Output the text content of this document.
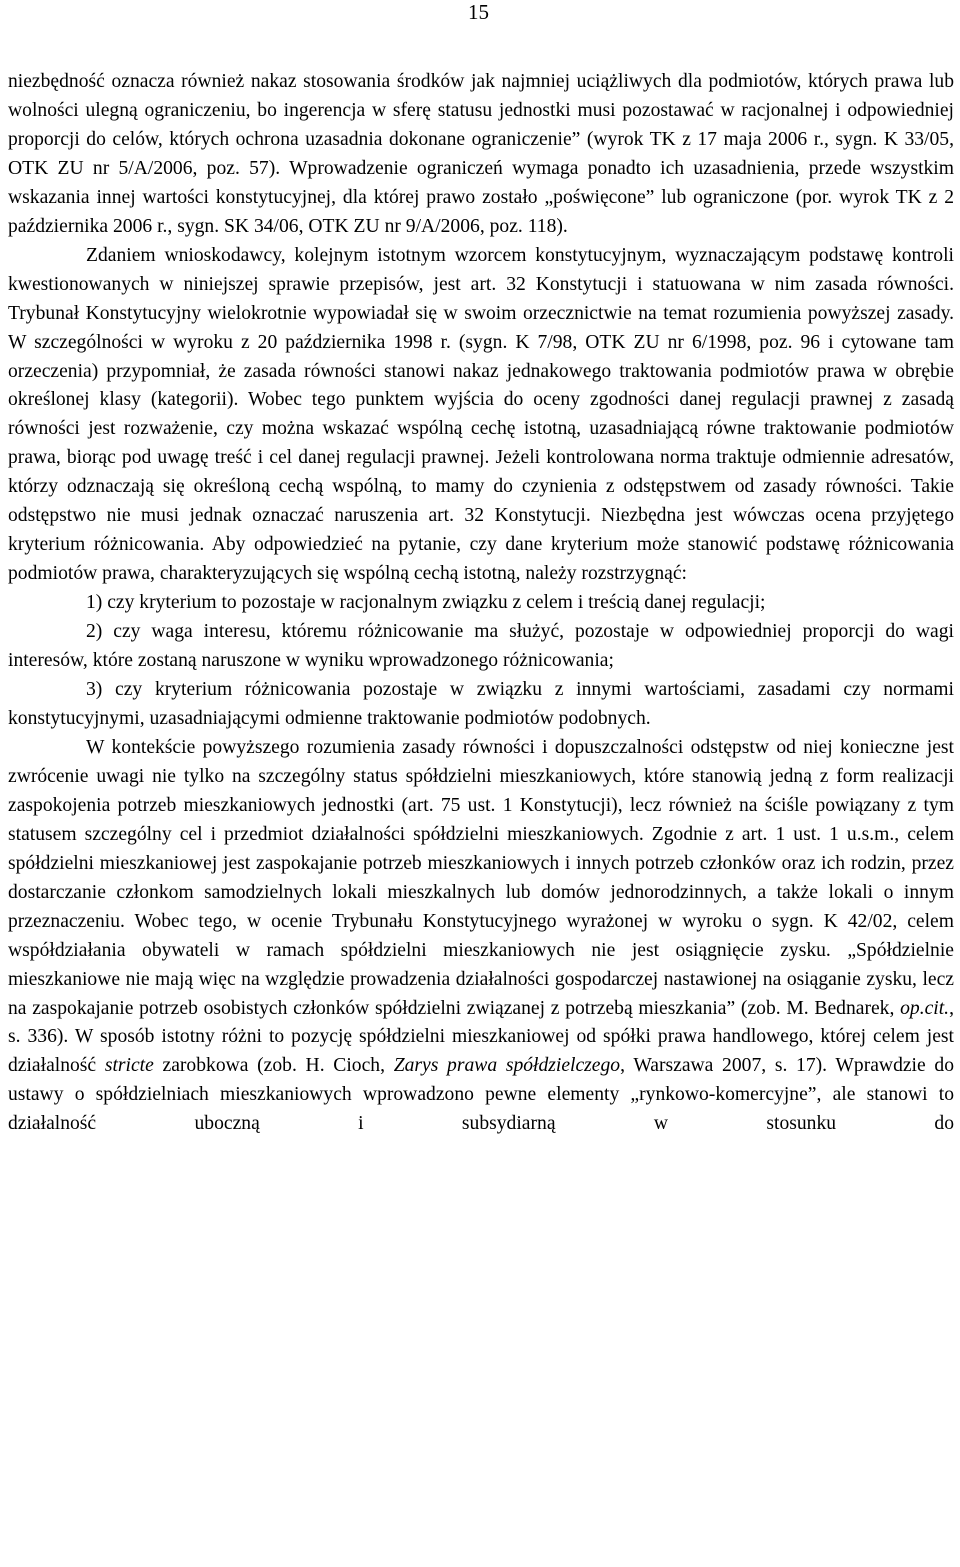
15

niezbędność oznacza również nakaz stosowania środków jak najmniej uciążliwych dla podmiotów, których prawa lub wolności ulegną ograniczeniu, bo ingerencja w sferę statusu jednostki musi pozostawać w racjonalnej i odpowiedniej proporcji do celów, których ochrona uzasadnia dokonane ograniczenie” (wyrok TK z 17 maja 2006 r., sygn. K 33/05, OTK ZU nr 5/A/2006, poz. 57). Wprowadzenie ograniczeń wymaga ponadto ich uzasadnienia, przede wszystkim wskazania innej wartości konstytucyjnej, dla której prawo zostało „poświęcone” lub ograniczone (por. wyrok TK z 2 października 2006 r., sygn. SK 34/06, OTK ZU nr 9/A/2006, poz. 118).

Zdaniem wnioskodawcy, kolejnym istotnym wzorcem konstytucyjnym, wyznaczającym podstawę kontroli kwestionowanych w niniejszej sprawie przepisów, jest art. 32 Konstytucji i statuowana w nim zasada równości. Trybunał Konstytucyjny wielokrotnie wypowiadał się w swoim orzecznictwie na temat rozumienia powyższej zasady. W szczególności w wyroku z 20 października 1998 r. (sygn. K 7/98, OTK ZU nr 6/1998, poz. 96 i cytowane tam orzeczenia) przypomniał, że zasada równości stanowi nakaz jednakowego traktowania podmiotów prawa w obrębie określonej klasy (kategorii). Wobec tego punktem wyjścia do oceny zgodności danej regulacji prawnej z zasadą równości jest rozważenie, czy można wskazać wspólną cechę istotną, uzasadniającą równe traktowanie podmiotów prawa, biorąc pod uwagę treść i cel danej regulacji prawnej. Jeżeli kontrolowana norma traktuje odmiennie adresatów, którzy odznaczają się określoną cechą wspólną, to mamy do czynienia z odstępstwem od zasady równości. Takie odstępstwo nie musi jednak oznaczać naruszenia art. 32 Konstytucji. Niezbędna jest wówczas ocena przyjętego kryterium różnicowania. Aby odpowiedzieć na pytanie, czy dane kryterium może stanowić podstawę różnicowania podmiotów prawa, charakteryzujących się wspólną cechą istotną, należy rozstrzygnąć:

1) czy kryterium to pozostaje w racjonalnym związku z celem i treścią danej regulacji;

2) czy waga interesu, któremu różnicowanie ma służyć, pozostaje w odpowiedniej proporcji do wagi interesów, które zostaną naruszone w wyniku wprowadzonego różnicowania;

3) czy kryterium różnicowania pozostaje w związku z innymi wartościami, zasadami czy normami konstytucyjnymi, uzasadniającymi odmienne traktowanie podmiotów podobnych.

W kontekście powyższego rozumienia zasady równości i dopuszczalności odstępstw od niej konieczne jest zwrócenie uwagi nie tylko na szczególny status spółdzielni mieszkaniowych, które stanowią jedną z form realizacji zaspokojenia potrzeb mieszkaniowych jednostki (art. 75 ust. 1 Konstytucji), lecz również na ściśle powiązany z tym statusem szczególny cel i przedmiot działalności spółdzielni mieszkaniowych. Zgodnie z art. 1 ust. 1 u.s.m., celem spółdzielni mieszkaniowej jest zaspokajanie potrzeb mieszkaniowych i innych potrzeb członków oraz ich rodzin, przez dostarczanie członkom samodzielnych lokali mieszkalnych lub domów jednorodzinnych, a także lokali o innym przeznaczeniu. Wobec tego, w ocenie Trybunału Konstytucyjnego wyrażonej w wyroku o sygn. K 42/02, celem współdziałania obywateli w ramach spółdzielni mieszkaniowych nie jest osiągnięcie zysku. „Spółdzielnie mieszkaniowe nie mają więc na względzie prowadzenia działalności gospodarczej nastawionej na osiąganie zysku, lecz na zaspokajanie potrzeb osobistych członków spółdzielni związanej z potrzebą mieszkania” (zob. M. Bednarek, op.cit., s. 336). W sposób istotny różni to pozycję spółdzielni mieszkaniowej od spółki prawa handlowego, której celem jest działalność stricte zarobkowa (zob. H. Cioch, Zarys prawa spółdzielczego, Warszawa 2007, s. 17). Wprawdzie do ustawy o spółdzielniach mieszkaniowych wprowadzono pewne elementy „rynkowo-komercyjne”, ale stanowi to działalność uboczną i subsydiarną w stosunku do
